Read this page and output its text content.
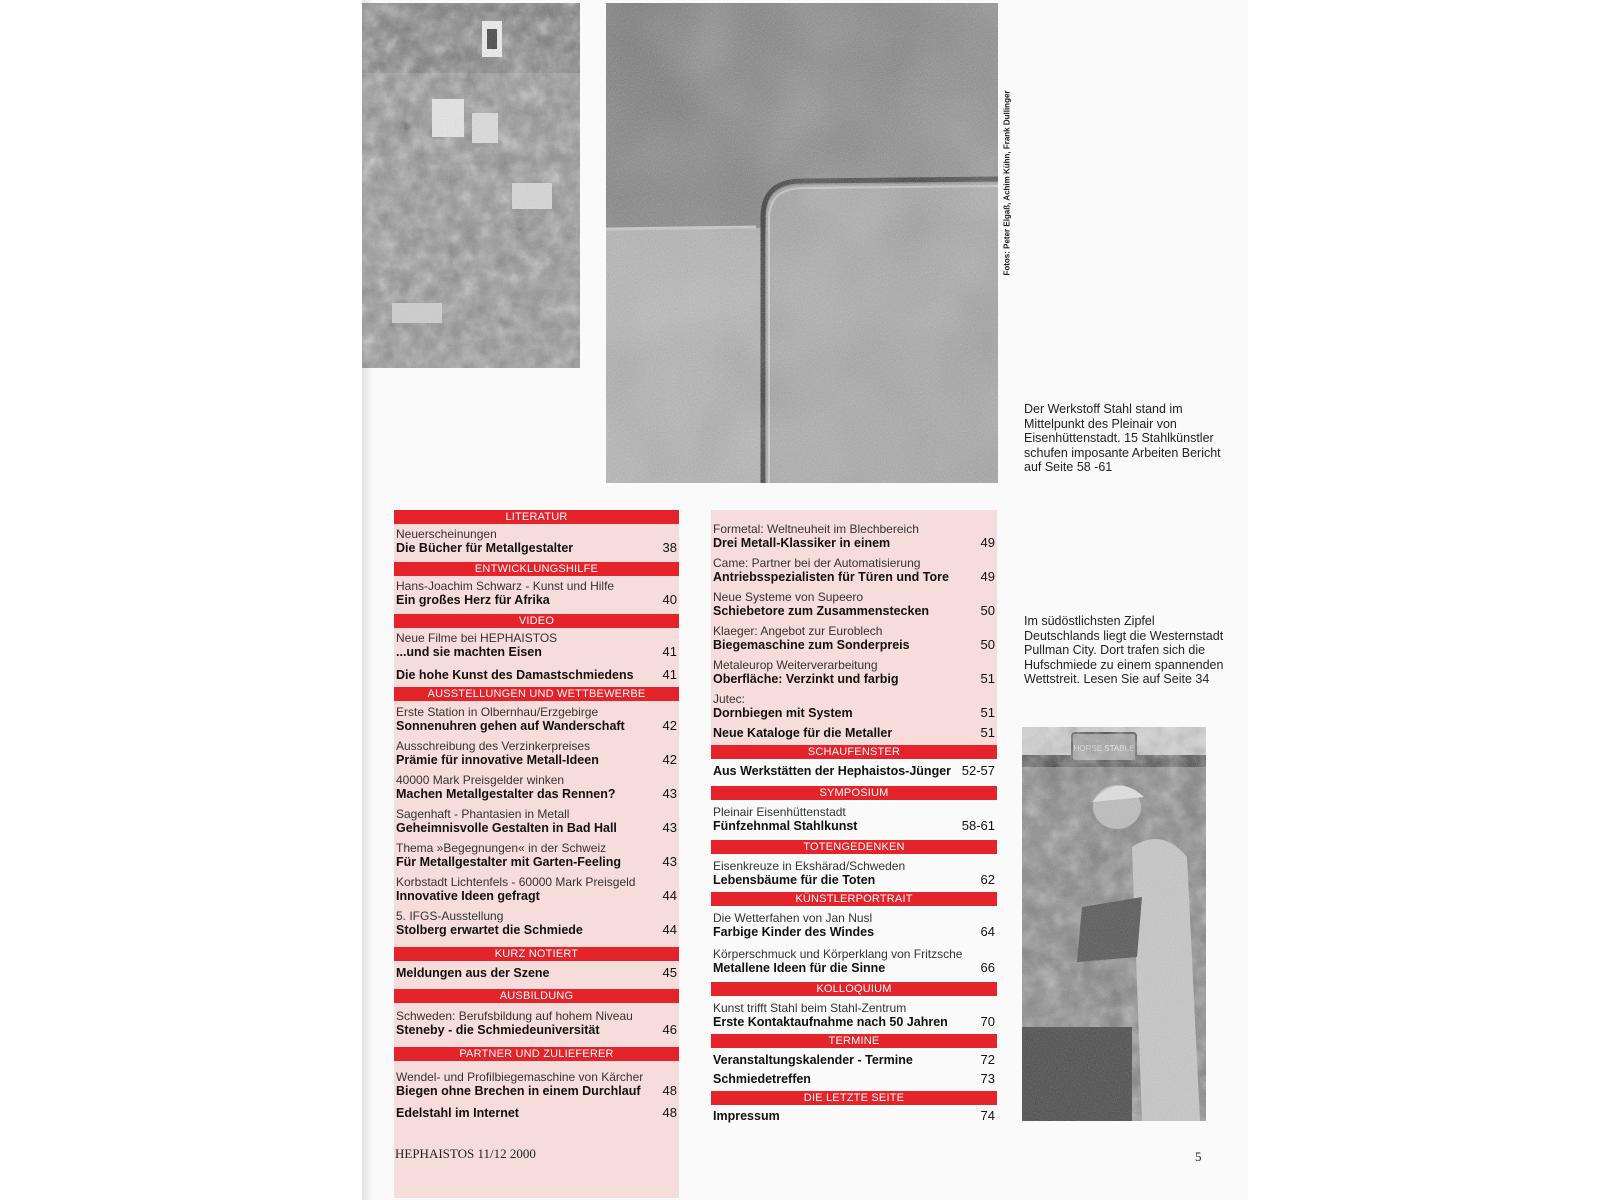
Fotos: Peter Elgaß, Achim Kühn, Frank Dullinger
Der Werkstoff Stahl stand im Mittelpunkt des Pleinair von Eisenhüttenstadt. 15 Stahlkünstler schufen imposante Arbeiten Bericht auf Seite 58 -61
Im südöstlichsten Zipfel Deutschlands liegt die Westernstadt Pullman City. Dort trafen sich die Hufschmiede zu einem spannenden Wettstreit. Lesen Sie auf Seite 34
LITERATUR
Neuerscheinungen
Die Bücher für Metallgestalter	38
ENTWICKLUNGSHILFE
Hans-Joachim Schwarz - Kunst und Hilfe
Ein großes Herz für Afrika	40
VIDEO
Neue Filme bei HEPHAISTOS
...und sie machten Eisen	41
Die hohe Kunst des Damastschmiedens 41
AUSSTELLUNGEN UND WETTBEWERBE
Erste Station in Olbernhau/Erzgebirge
Sonnenuhren gehen auf Wanderschaft	42
Ausschreibung des Verzinkerpreises
Prämie für innovative Metall-Ideen	42
40000 Mark Preisgelder winken
Machen Metallgestalter das Rennen?	43
Sagenhaft - Phantasien in Metall
Geheimnisvolle Gestalten in Bad Hall	43
Thema »Begegnungen« in der Schweiz
Für Metallgestalter mit Garten-Feeling	43
Korbstadt Lichtenfels - 60000 Mark Preisgeld
Innovative Ideen gefragt	44
5. IFGS-Ausstellung
Stolberg erwartet die Schmiede	44
KURZ NOTIERT
Meldungen aus der Szene	45
AUSBILDUNG
Schweden: Berufsbildung auf hohem Niveau
Steneby - die Schmiedeuniversität	46
PARTNER UND ZULIEFERER
Wendel- und Profilbiegemaschine von Kärcher
Biegen ohne Brechen in einem Durchlauf 48
Edelstahl im Internet	48
Formetal: Weltneuheit im Blechbereich
Drei Metall-Klassiker in einem	49
Came: Partner bei der Automatisierung
Antriebsspezialisten für Türen und Tore 49
Neue Systeme von Supeero
Schiebetore zum Zusammenstecken	50
Klaeger: Angebot zur Euroblech
Biegemaschine zum Sonderpreis	50
Metaleurop Weiterverarbeitung
Oberfläche: Verzinkt und farbig	51
Jutec:
Dornbiegen mit System	51
Neue Kataloge für die Metaller	51
SCHAUFENSTER
Aus Werkstätten der Hephaistos-Jünger 52-57
SYMPOSIUM
Pleinair Eisenhüttenstadt
Fünfzehnmal Stahlkunst	58-61
TOTENGEDENKEN
Eisenkreuze in Ekshärad/Schweden
Lebensbäume für die Toten	62
KÜNSTLERPORTRAIT
Die Wetterfahen von Jan Nusl
Farbige Kinder des Windes	64
Körperschmuck und Körperklang von Fritzsche
Metallene Ideen für die Sinne	66
KOLLOQUIUM
Kunst trifft Stahl beim Stahl-Zentrum
Erste Kontaktaufnahme nach 50 Jahren	70
TERMINE
Veranstaltungskalender - Termine	72
Schmiedetreffen	73
DIE LETZTE SEITE
Impressum	74
HEPHAISTOS 11/12 2000	5
